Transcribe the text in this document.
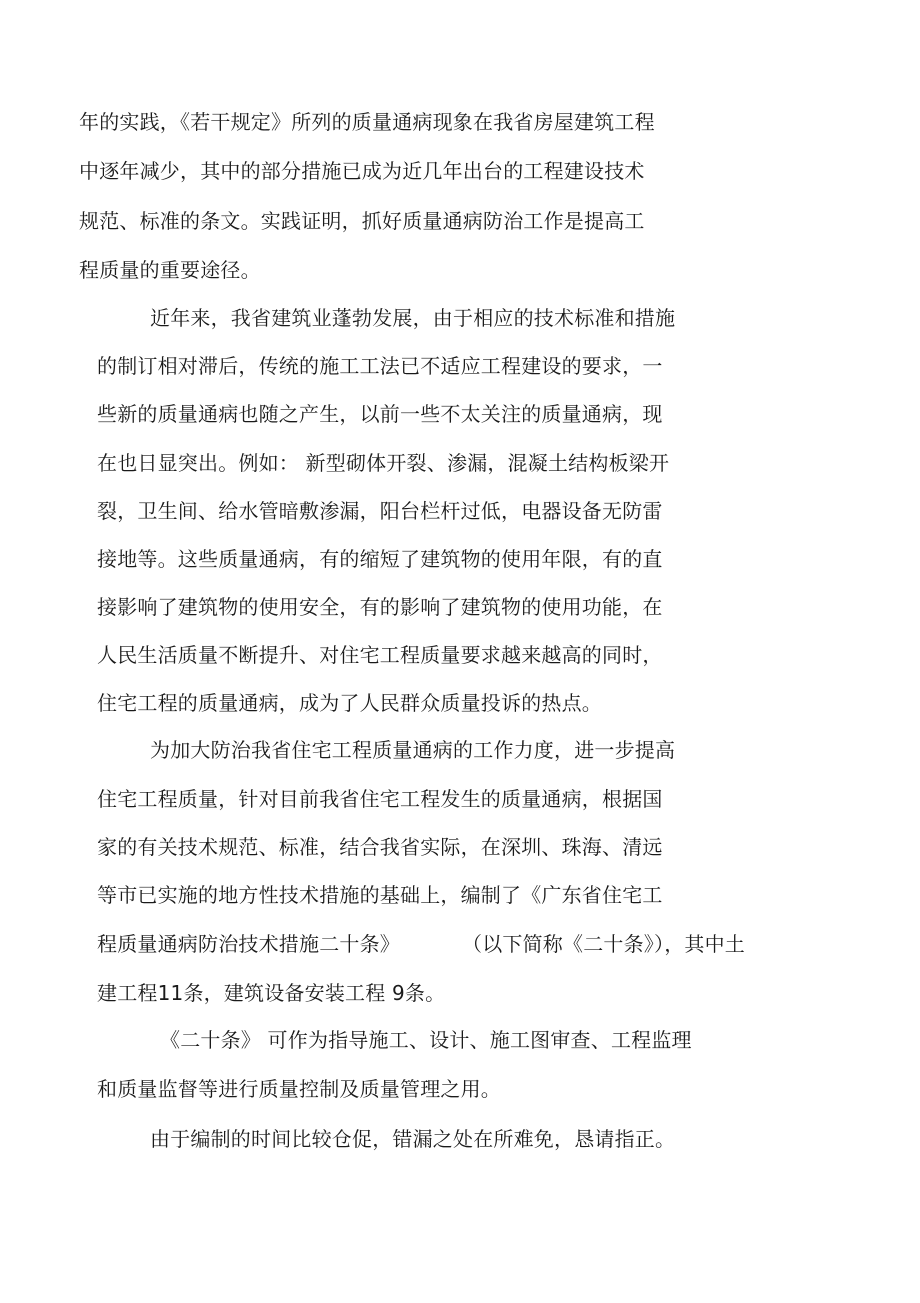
年的实践，《若干规定》所列的质量通病现象在我省房屋建筑工程
中逐年减少，其中的部分措施已成为近几年出台的工程建设技术
规范、标准的条文。实践证明，抓好质量通病防治工作是提高工
程质量的重要途径。
近年来，我省建筑业蓬勃发展，由于相应的技术标准和措施
的制订相对滞后，传统的施工工法已不适应工程建设的要求，一
些新的质量通病也随之产生，以前一些不太关注的质量通病，现
在也日显突出。例如： 新型砌体开裂、渗漏，混凝土结构板梁开
裂，卫生间、给水管暗敷渗漏，阳台栏杆过低，电器设备无防雷
接地等。这些质量通病，有的缩短了建筑物的使用年限，有的直
接影响了建筑物的使用安全，有的影响了建筑物的使用功能，在
人民生活质量不断提升、对住宅工程质量要求越来越高的同时，
住宅工程的质量通病，成为了人民群众质量投诉的热点。
为加大防治我省住宅工程质量通病的工作力度，进一步提高
住宅工程质量，针对目前我省住宅工程发生的质量通病，根据国
家的有关技术规范、标准，结合我省实际，在深圳、珠海、清远
等市已实施的地方性技术措施的基础上，编制了《广东省住宅工
程质量通病防治技术措施二十条》	（以下简称《二十条》），其中土
建工程11条，建筑设备安装工程 9条。
《二十条》 可作为指导施工、设计、施工图审查、工程监理
和质量监督等进行质量控制及质量管理之用。
由于编制的时间比较仓促，错漏之处在所难免，恳请指正。
